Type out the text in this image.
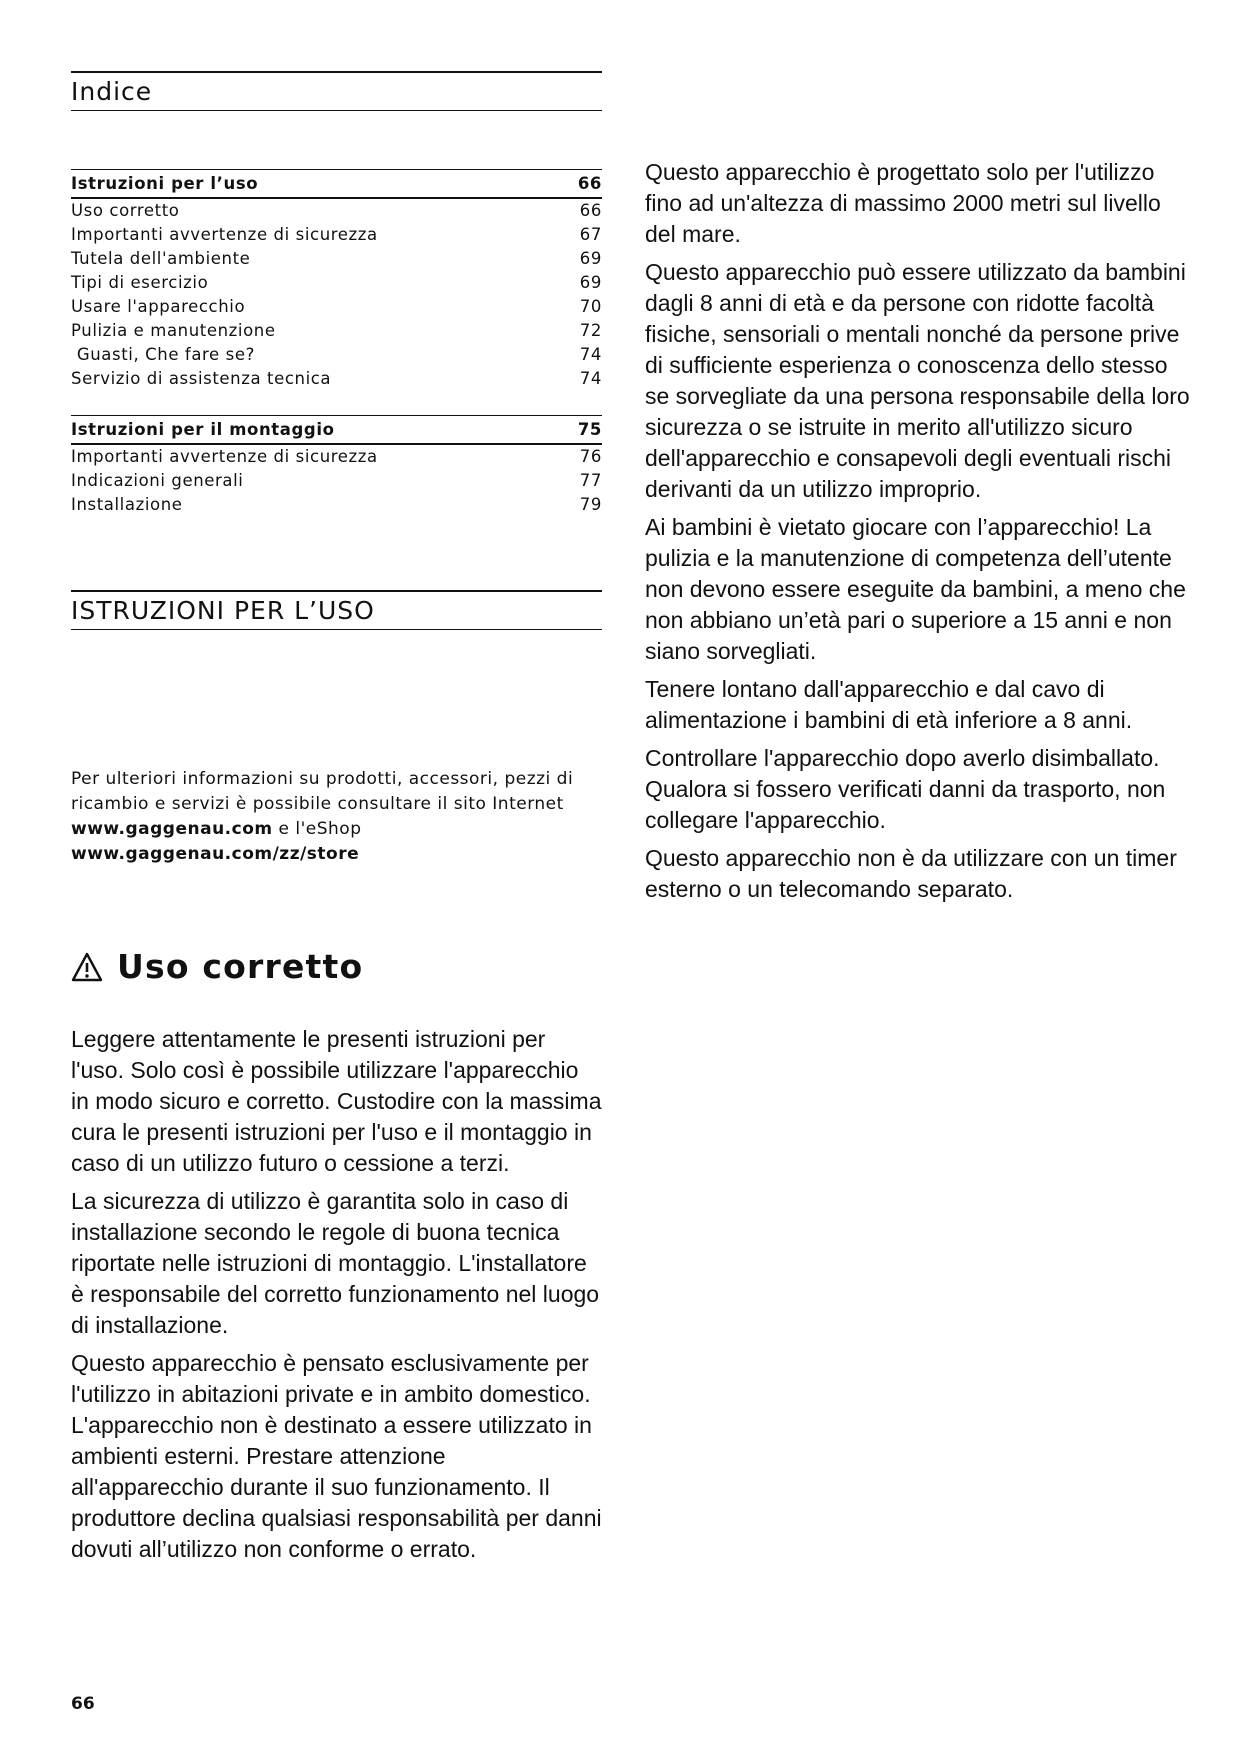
Indice
Istruzioni per l’uso	66
Uso corretto	66
Importanti avvertenze di sicurezza	67
Tutela dell'ambiente	69
Tipi di esercizio	69
Usare l'apparecchio	70
Pulizia e manutenzione	72
Guasti, Che fare se?	74
Servizio di assistenza tecnica	74
Istruzioni per il montaggio	75
Importanti avvertenze di sicurezza	76
Indicazioni generali	77
Installazione	79
ISTRUZIONI PER L’USO
Per ulteriori informazioni su prodotti, accessori, pezzi di ricambio e servizi è possibile consultare il sito Internet www.gaggenau.com e l'eShop
www.gaggenau.com/zz/store
Uso corretto

Leggere attentamente le presenti istruzioni per l'uso. Solo così è possibile utilizzare l'apparecchio in modo sicuro e corretto. Custodire con la massima cura le presenti istruzioni per l'uso e il montaggio in caso di un utilizzo futuro o cessione a terzi.

La sicurezza di utilizzo è garantita solo in caso di installazione secondo le regole di buona tecnica riportate nelle istruzioni di montaggio. L'installatore è responsabile del corretto funzionamento nel luogo di installazione.

Questo apparecchio è pensato esclusivamente per l'utilizzo in abitazioni private e in ambito domestico. L'apparecchio non è destinato a essere utilizzato in ambienti esterni. Prestare attenzione all'apparecchio durante il suo funzionamento. Il produttore declina qualsiasi responsabilità per danni dovuti all’utilizzo non conforme o errato.

Questo apparecchio è progettato solo per l'utilizzo fino ad un'altezza di massimo 2000 metri sul livello del mare.

Questo apparecchio può essere utilizzato da bambini dagli 8 anni di età e da persone con ridotte facoltà fisiche, sensoriali o mentali nonché da persone prive di sufficiente esperienza o conoscenza dello stesso se sorvegliate da una persona responsabile della loro sicurezza o se istruite in merito all'utilizzo sicuro dell'apparecchio e consapevoli degli eventuali rischi derivanti da un utilizzo improprio.

Ai bambini è vietato giocare con l’apparecchio! La pulizia e la manutenzione di competenza dell’utente non devono essere eseguite da bambini, a meno che non abbiano un’età pari o superiore a 15 anni e non siano sorvegliati.

Tenere lontano dall'apparecchio e dal cavo di alimentazione i bambini di età inferiore a 8 anni.

Controllare l'apparecchio dopo averlo disimballato. Qualora si fossero verificati danni da trasporto, non collegare l'apparecchio.

Questo apparecchio non è da utilizzare con un timer esterno o un telecomando separato.

66
